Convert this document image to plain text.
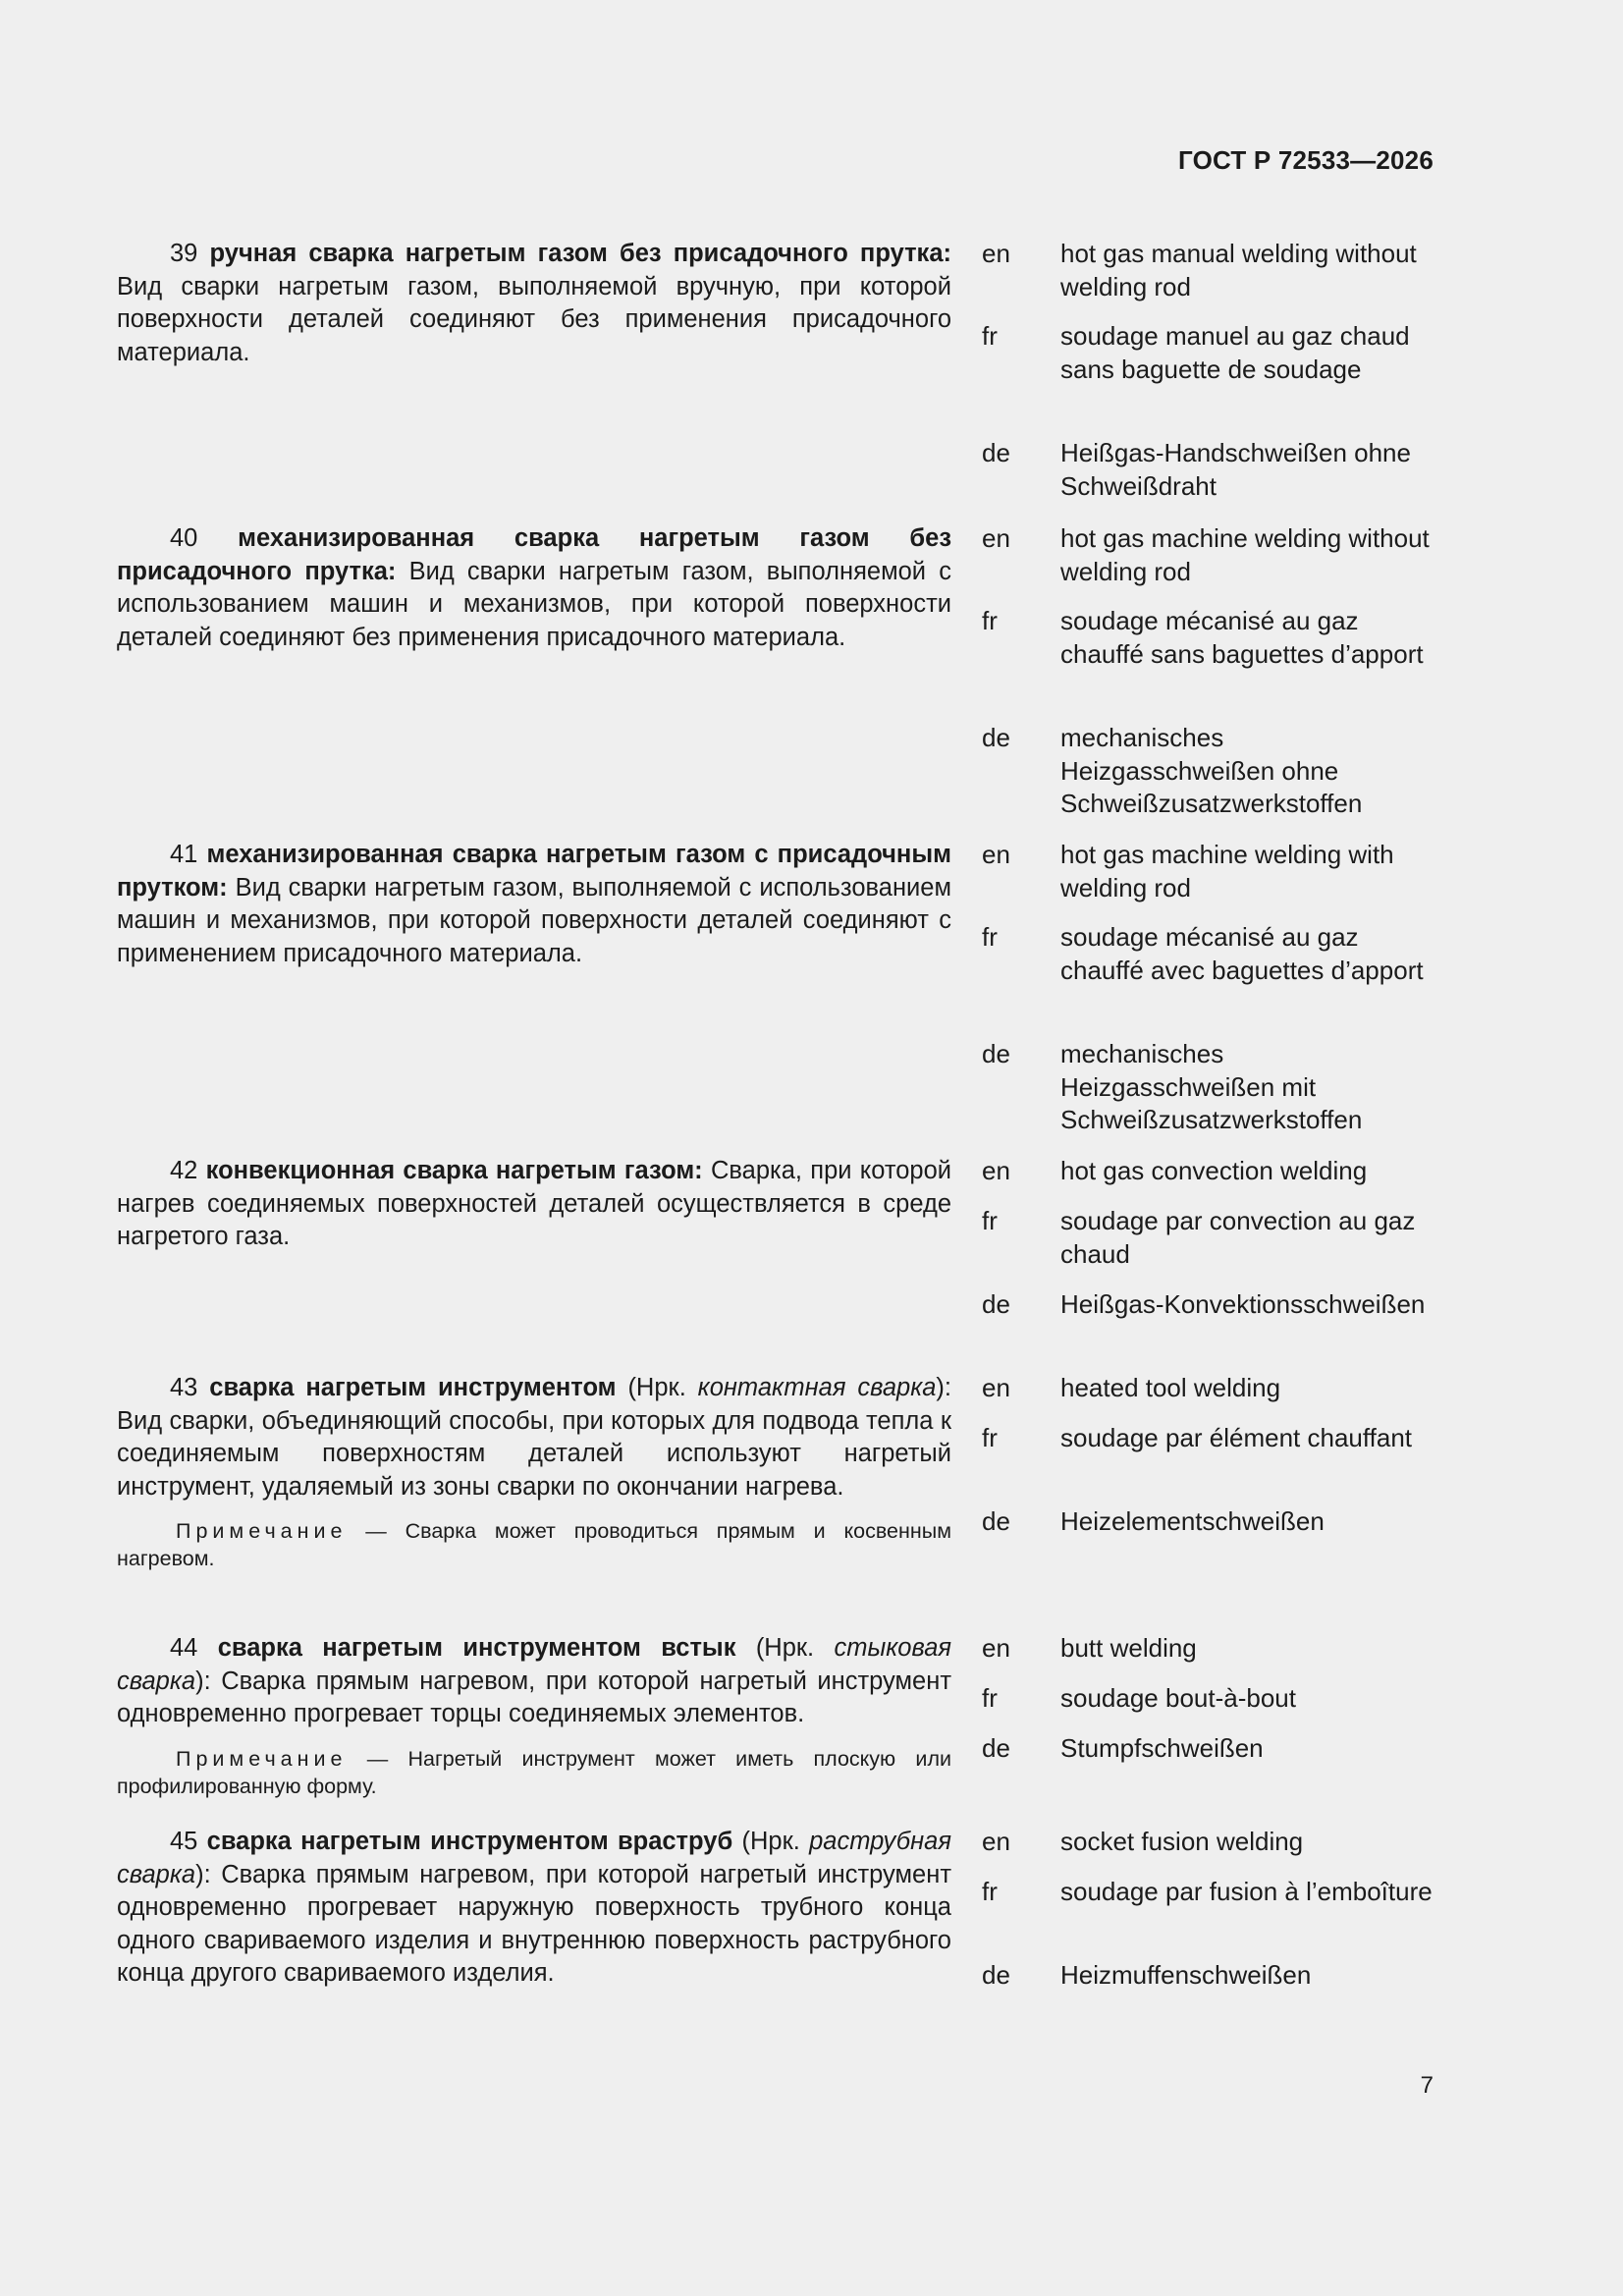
ГОСТ Р 72533—2026

39 ручная сварка нагретым газом без присадочного прутка: Вид сварки нагретым газом, выполняемой вручную, при которой поверхности деталей соединяют без применения присадочного материала.

en	hot gas manual welding without welding rod
fr	soudage manuel au gaz chaud sans baguette de soudage
de	Heißgas-Handschweißen ohne Schweißdraht

40 механизированная сварка нагретым газом без присадочного прутка: Вид сварки нагретым газом, выполняемой с использованием машин и механизмов, при которой поверхности деталей соединяют без применения присадочного материала.

en	hot gas machine welding without welding rod
fr	soudage mécanisé au gaz chauffé sans baguettes d’apport
de	mechanisches Heizgasschweißen ohne Schweißzusatzwerkstoffen

41 механизированная сварка нагретым газом с присадочным прутком: Вид сварки нагретым газом, выполняемой с использованием машин и механизмов, при которой поверхности деталей соединяют с применением присадочного материала.

en	hot gas machine welding with welding rod
fr	soudage mécanisé au gaz chauffé avec baguettes d’apport
de	mechanisches Heizgasschweißen mit Schweißzusatzwerkstoffen

42 конвекционная сварка нагретым газом: Сварка, при которой нагрев соединяемых поверхностей деталей осуществляется в среде нагретого газа.

en	hot gas convection welding
fr	soudage par convection au gaz chaud
de	Heißgas-Konvektionsschweißen

43 сварка нагретым инструментом (Нрк. контактная сварка): Вид сварки, объединяющий способы, при которых для подвода тепла к соединяемым поверхностям деталей используют нагретый инструмент, удаляемый из зоны сварки по окончании нагрева.

Примечание — Сварка может проводиться прямым и косвенным нагревом.

en	heated tool welding
fr	soudage par élément chauffant
de	Heizelementschweißen

44 сварка нагретым инструментом встык (Нрк. стыковая сварка): Сварка прямым нагревом, при которой нагретый инструмент одновременно прогревает торцы соединяемых элементов.

Примечание — Нагретый инструмент может иметь плоскую или профилированную форму.

en	butt welding
fr	soudage bout-à-bout
de	Stumpfschweißen

45 сварка нагретым инструментом враструб (Нрк. раструбная сварка): Сварка прямым нагревом, при которой нагретый инструмент одновременно прогревает наружную поверхность трубного конца одного свариваемого изделия и внутреннюю поверхность раструбного конца другого свариваемого изделия.

en	socket fusion welding
fr	soudage par fusion à l’emboîture
de	Heizmuffenschweißen
7
